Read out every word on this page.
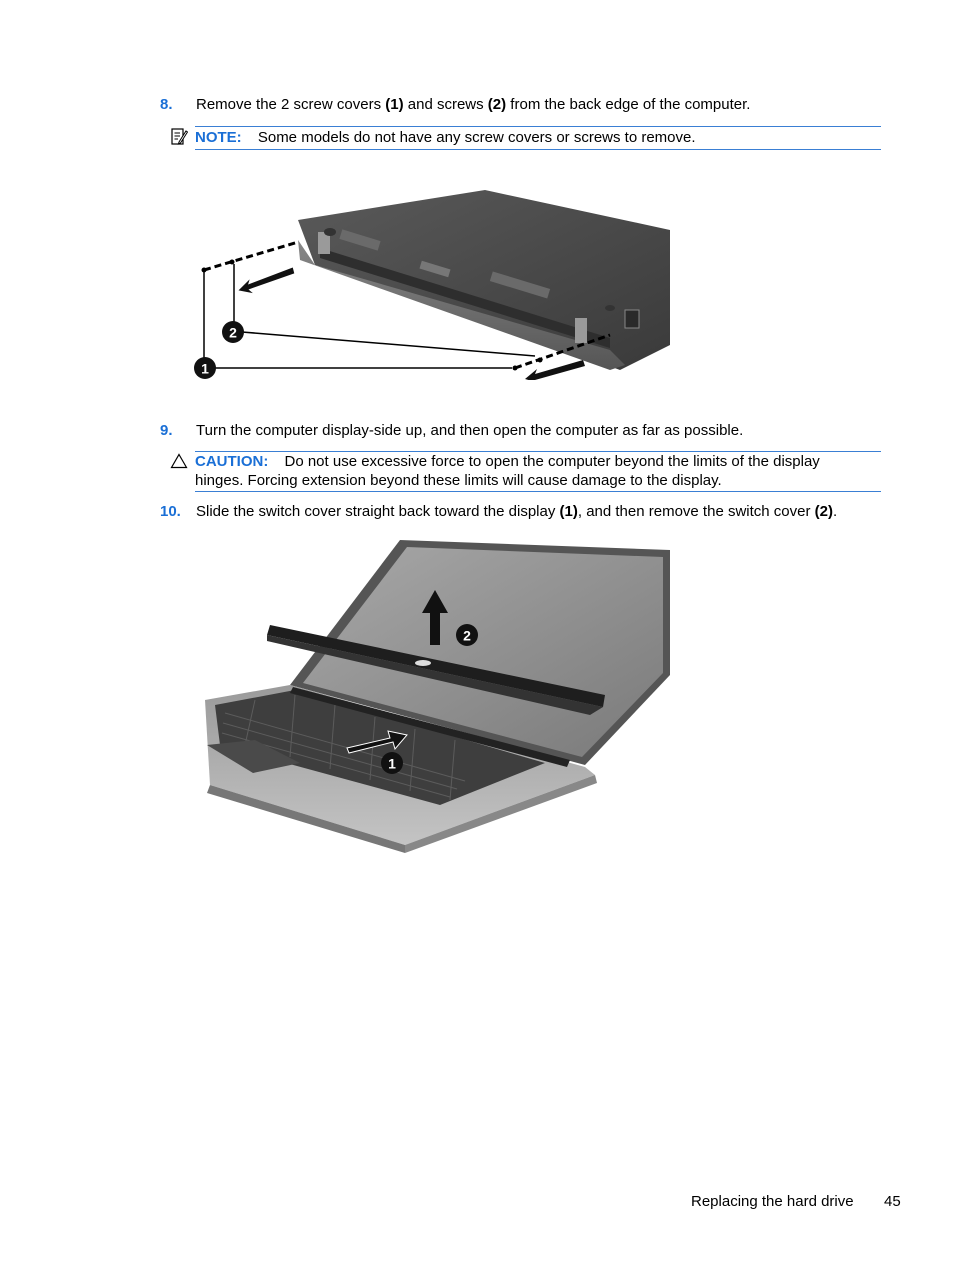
8. Remove the 2 screw covers (1) and screws (2) from the back edge of the computer.
NOTE: Some models do not have any screw covers or screws to remove.
2
1
9. Turn the computer display-side up, and then open the computer as far as possible.
CAUTION: Do not use excessive force to open the computer beyond the limits of the display
hinges. Forcing extension beyond these limits will cause damage to the display.
10. Slide the switch cover straight back toward the display (1), and then remove the switch cover (2).
2
1
Replacing the hard drive 45
